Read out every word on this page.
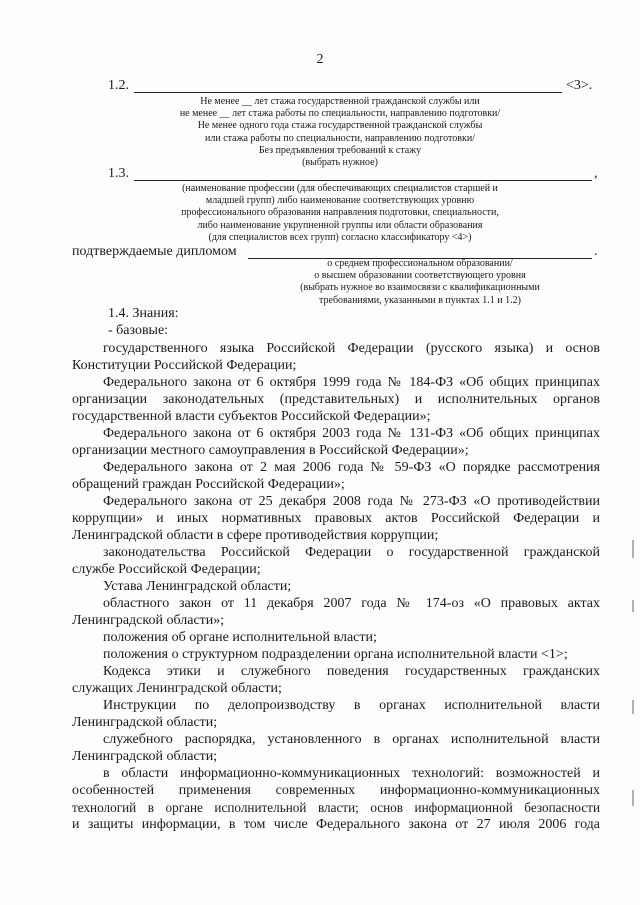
2
1.2.	<3>.
Не менее __ лет стажа государственной гражданской службы или
не менее __ лет стажа работы по специальности, направлению подготовки/
Не менее одного года стажа государственной гражданской службы
или стажа работы по специальности, направлению подготовки/
Без предъявления требований к стажу
(выбрать нужное)
1.3.	,
(наименование профессии (для обеспечивающих специалистов старшей и
младшей групп) либо наименование соответствующих уровню
профессионального образования направления подготовки, специальности,
либо наименование укрупненной группы или области образования
(для специалистов всех групп) согласно классификатору <4>)
подтверждаемые дипломом	.
о среднем профессиональном образовании/
о высшем образовании соответствующего уровня
(выбрать нужное во взаимосвязи с квалификационными
требованиями, указанными в пунктах 1.1 и 1.2)
1.4. Знания:
- базовые:
государственного языка Российской Федерации (русского языка) и основ
Конституции Российской Федерации;
Федерального закона от 6 октября 1999 года № 184-ФЗ «Об общих принципах
организации законодательных (представительных) и исполнительных органов
государственной власти субъектов Российской Федерации»;
Федерального закона от 6 октября 2003 года № 131-ФЗ «Об общих принципах
организации местного самоуправления в Российской Федерации»;
Федерального закона от 2 мая 2006 года № 59-ФЗ «О порядке рассмотрения
обращений граждан Российской Федерации»;
Федерального закона от 25 декабря 2008 года № 273-ФЗ «О противодействии
коррупции» и иных нормативных правовых актов Российской Федерации и
Ленинградской области в сфере противодействия коррупции;
законодательства Российской Федерации о государственной гражданской
службе Российской Федерации;
Устава Ленинградской области;
областного закон от 11 декабря 2007 года № 174-оз «О правовых актах
Ленинградской области»;
положения об органе исполнительной власти;
положения о структурном подразделении органа исполнительной власти <1>;
Кодекса этики и служебного поведения государственных гражданских
служащих Ленинградской области;
Инструкции по делопроизводству в органах исполнительной власти
Ленинградской области;
служебного распорядка, установленного в органах исполнительной власти
Ленинградской области;
в области информационно-коммуникационных технологий: возможностей и
особенностей применения современных информационно-коммуникационных
технологий в органе исполнительной власти; основ информационной безопасности
и защиты информации, в том числе Федерального закона от 27 июля 2006 года
